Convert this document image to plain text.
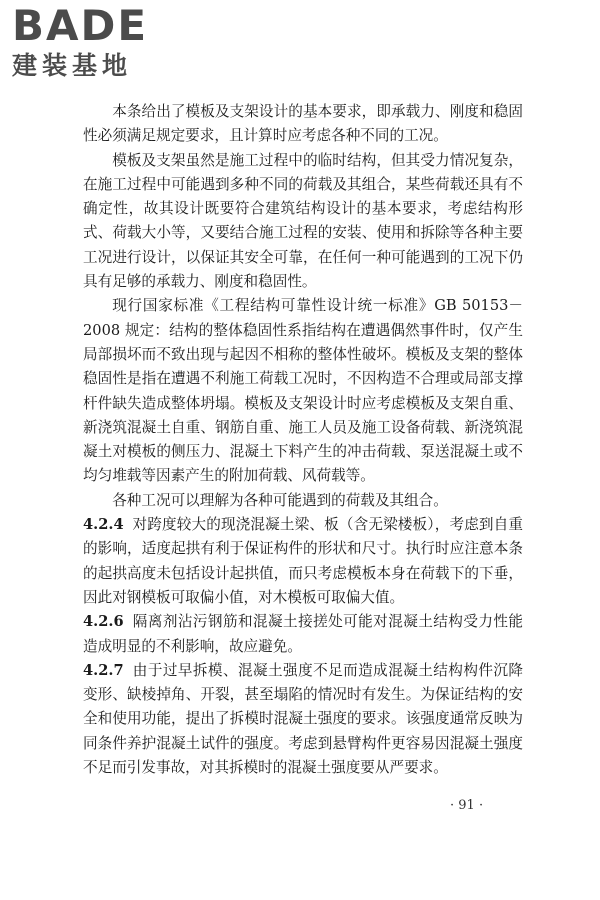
BADE
建装基地

本条给出了模板及支架设计的基本要求，即承载力、刚度和稳固性必须满足规定要求，且计算时应考虑各种不同的工况。

模板及支架虽然是施工过程中的临时结构，但其受力情况复杂，在施工过程中可能遇到多种不同的荷载及其组合，某些荷载还具有不确定性，故其设计既要符合建筑结构设计的基本要求，考虑结构形式、荷载大小等，又要结合施工过程的安装、使用和拆除等各种主要工况进行设计，以保证其安全可靠，在任何一种可能遇到的工况下仍具有足够的承载力、刚度和稳固性。

现行国家标准《工程结构可靠性设计统一标准》GB 50153－2008 规定：结构的整体稳固性系指结构在遭遇偶然事件时，仅产生局部损坏而不致出现与起因不相称的整体性破坏。模板及支架的整体稳固性是指在遭遇不利施工荷载工况时，不因构造不合理或局部支撑杆件缺失造成整体坍塌。模板及支架设计时应考虑模板及支架自重、新浇筑混凝土自重、钢筋自重、施工人员及施工设备荷载、新浇筑混凝土对模板的侧压力、混凝土下料产生的冲击荷载、泵送混凝土或不均匀堆载等因素产生的附加荷载、风荷载等。

各种工况可以理解为各种可能遇到的荷载及其组合。

4.2.4 对跨度较大的现浇混凝土梁、板（含无梁楼板），考虑到自重的影响，适度起拱有利于保证构件的形状和尺寸。执行时应注意本条的起拱高度未包括设计起拱值，而只考虑模板本身在荷载下的下垂，因此对钢模板可取偏小值，对木模板可取偏大值。

4.2.6 隔离剂沾污钢筋和混凝土接搓处可能对混凝土结构受力性能造成明显的不利影响，故应避免。

4.2.7 由于过早拆模、混凝土强度不足而造成混凝土结构构件沉降变形、缺棱掉角、开裂，甚至塌陷的情况时有发生。为保证结构的安全和使用功能，提出了拆模时混凝土强度的要求。该强度通常反映为同条件养护混凝土试件的强度。考虑到悬臂构件更容易因混凝土强度不足而引发事故，对其拆模时的混凝土强度要从严要求。

· 91 ·
